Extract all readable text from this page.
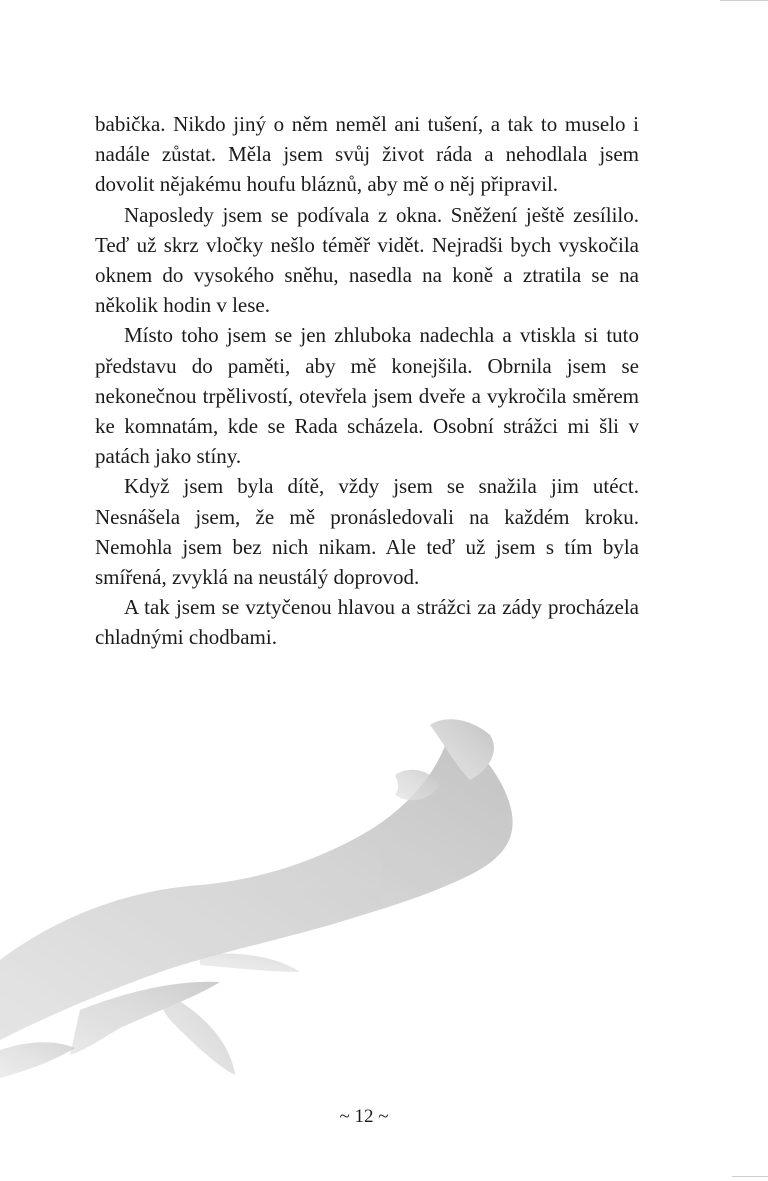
babička. Nikdo jiný o něm neměl ani tušení, a tak to muselo i nadále zůstat. Měla jsem svůj život ráda a nehodlala jsem dovolit nějakému houfu bláznů, aby mě o něj připravil.

Naposledy jsem se podívala z okna. Sněžení ještě zesílilo. Teď už skrz vločky nešlo téměř vidět. Nejradši bych vyskočila oknem do vysokého sněhu, nasedla na koně a ztratila se na několik hodin v lese.

Místo toho jsem se jen zhluboka nadechla a vtiskla si tuto představu do paměti, aby mě konejšila. Obrnila jsem se nekonečnou trpělivostí, otevřela jsem dveře a vykročila směrem ke komnatám, kde se Rada scházela. Osobní strážci mi šli v patách jako stíny.

Když jsem byla dítě, vždy jsem se snažila jim utéct. Nesnášela jsem, že mě pronásledovali na každém kroku. Nemohla jsem bez nich nikam. Ale teď už jsem s tím byla smířená, zvyklá na neustálý doprovod.

A tak jsem se vztyčenou hlavou a strážci za zády procházela chladnými chodbami.

~ 12 ~
